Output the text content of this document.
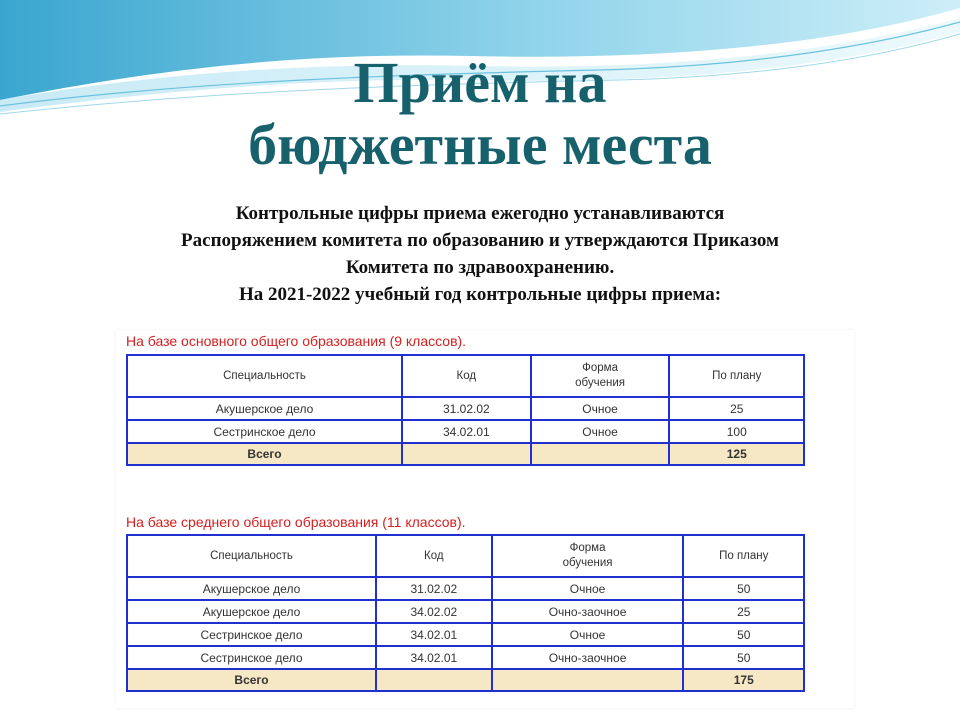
Приём на
бюджетные места
Контрольные цифры приема ежегодно устанавливаются
Распоряжением комитета по образованию и утверждаются Приказом
Комитета по здравоохранению.
На 2021-2022 учебный год контрольные цифры приема:
На базе основного общего образования (9 классов).
Специальность	Код	Форма обучения	По плану
Акушерское дело	31.02.02	Очное	25
Сестринское дело	34.02.01	Очное	100
Всего			125
На базе среднего общего образования (11 классов).
Специальность	Код	Форма обучения	По плану
Акушерское дело	31.02.02	Очное	50
Акушерское дело	34.02.02	Очно-заочное	25
Сестринское дело	34.02.01	Очное	50
Сестринское дело	34.02.01	Очно-заочное	50
Всего			175
